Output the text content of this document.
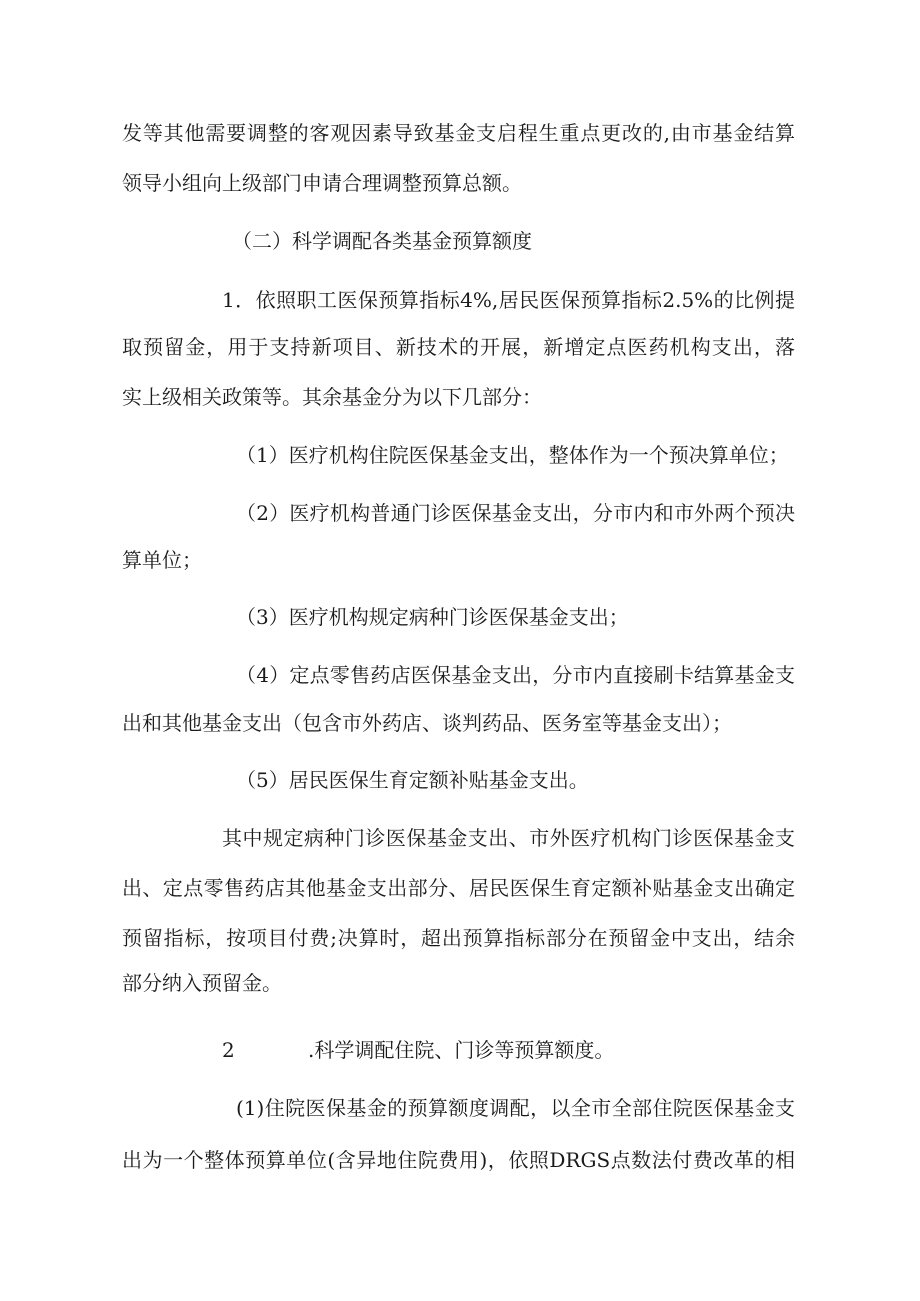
发等其他需要调整的客观因素导致基金支启程生重点更改的,由市基金结算
领导小组向上级部门申请合理调整预算总额。
（二）科学调配各类基金预算额度
1．依照职工医保预算指标4%,居民医保预算指标2.5%的比例提
取预留金，用于支持新项目、新技术的开展，新增定点医药机构支出，落
实上级相关政策等。其余基金分为以下几部分：
（1）医疗机构住院医保基金支出，整体作为一个预决算单位；
（2）医疗机构普通门诊医保基金支出，分市内和市外两个预决
算单位；
（3）医疗机构规定病种门诊医保基金支出；
（4）定点零售药店医保基金支出，分市内直接刷卡结算基金支
出和其他基金支出（包含市外药店、谈判药品、医务室等基金支出）；
（5）居民医保生育定额补贴基金支出。
其中规定病种门诊医保基金支出、市外医疗机构门诊医保基金支
出、定点零售药店其他基金支出部分、居民医保生育定额补贴基金支出确定
预留指标，按项目付费;决算时，超出预算指标部分在预留金中支出，结余
部分纳入预留金。
2	.科学调配住院、门诊等预算额度。
(1)住院医保基金的预算额度调配，以全市全部住院医保基金支
出为一个整体预算单位(含异地住院费用)，依照DRGS点数法付费改革的相
